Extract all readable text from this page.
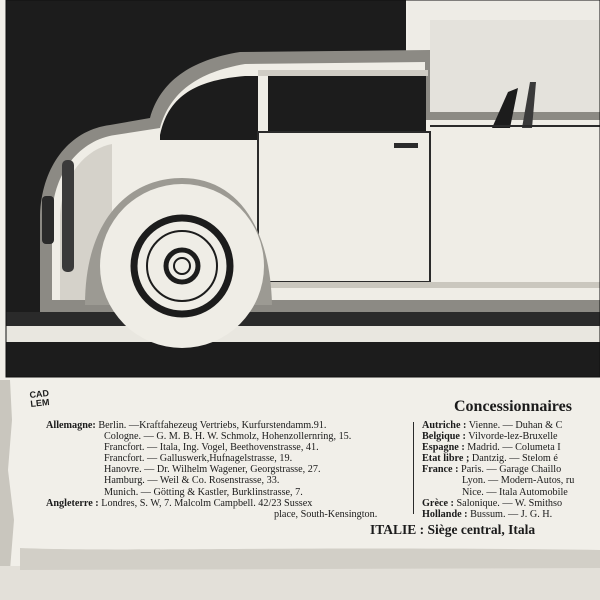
CAD
LEM	Concessionnaires
Allemagne: Berlin. —Kraftfahezeug Vertriebs, Kurfurstendamm.91.
Cologne. — G. M. B. H. W. Schmolz, Hohenzollernring, 15.
Francfort. — Itala, Ing. Vogel, Beethovenstrasse, 41.
Francfort. — Galluswerk,Hufnagelstrasse, 19.
Hanovre. — Dr. Wilhelm Wagener, Georgstrasse, 27.
Hamburg. — Weil & Co. Rosenstrasse, 33.
Munich. — Götting & Kastler, Burklinstrasse, 7.
Angleterre : Londres, S. W, 7. Malcolm Campbell. 42/23 Sussex
place, South-Kensington.
Autriche : Vienne. — Duhan & C
Belgique : Vilvorde-lez-Bruxelle
Espagne : Madrid. — Columeta I
Etat libre ; Dantzig. — Stelom é
France : Paris. — Garage Chaillo
Lyon. — Modern-Autos, ru
Nice. — Itala Automobile
Grèce : Salonique. — W. Smithso
Hollande : Bussum. — J. G. H.
ITALIE : Siège central, Itala
